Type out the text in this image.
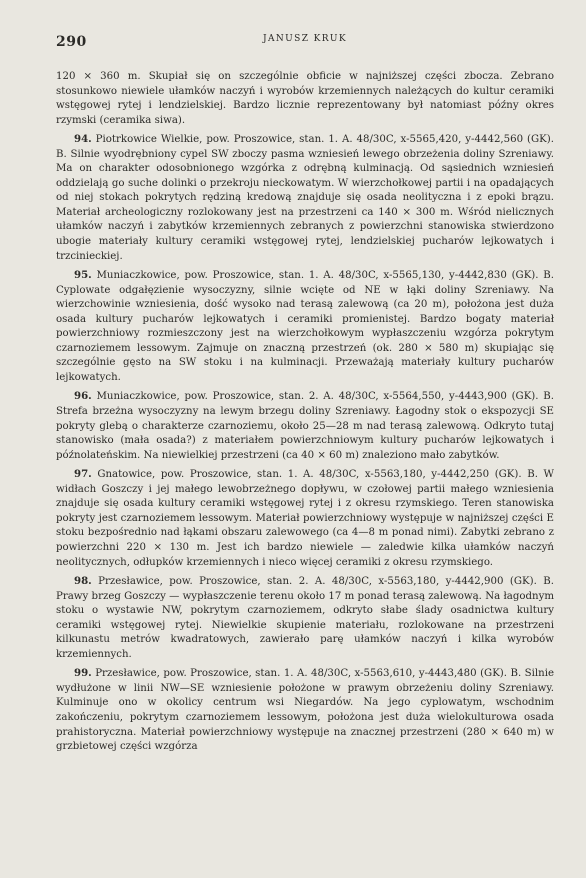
290	JANUSZ KRUK

120 × 360 m. Skupiał się on szczególnie obficie w najniższej części zbocza. Zebrano stosunkowo niewiele ułamków naczyń i wyrobów krzemiennych należących do kultur ceramiki wstęgowej rytej i lendzielskiej. Bardzo licznie reprezentowany był natomiast późny okres rzymski (ceramika siwa).

94. Piotrkowice Wielkie, pow. Proszowice, stan. 1. A. 48/30C, x-5565,420, y-4442,560 (GK). B. Silnie wyodrębniony cypel SW zboczy pasma wzniesień lewego obrzeżenia doliny Szreniawy. Ma on charakter odosobnionego wzgórka z odrębną kulminacją. Od sąsiednich wzniesień oddzielają go suche dolinki o przekroju nieckowatym. W wierzchołkowej partii i na opadających od niej stokach pokrytych rędziną kredową znajduje się osada neolityczna i z epoki brązu. Materiał archeologiczny rozlokowany jest na przestrzeni ca 140 × 300 m. Wśród nielicznych ułamków naczyń i zabytków krzemiennych zebranych z powierzchni stanowiska stwierdzono ubogie materiały kultury ceramiki wstęgowej rytej, lendzielskiej pucharów lejkowatych i trzcinieckiej.

95. Muniaczkowice, pow. Proszowice, stan. 1. A. 48/30C, x-5565,130, y-4442,830 (GK). B. Cyplowate odgałęzienie wysoczyzny, silnie wcięte od NE w łąki doliny Szreniawy. Na wierzchowinie wzniesienia, dość wysoko nad terasą zalewową (ca 20 m), położona jest duża osada kultury pucharów lejkowatych i ceramiki promienistej. Bardzo bogaty materiał powierzchniowy rozmieszczony jest na wierzchołkowym wypłaszczeniu wzgórza pokrytym czarnoziemem lessowym. Zajmuje on znaczną przestrzeń (ok. 280 × 580 m) skupiając się szczególnie gęsto na SW stoku i na kulminacji. Przeważają materiały kultury pucharów lejkowatych.

96. Muniaczkowice, pow. Proszowice, stan. 2. A. 48/30C, x-5564,550, y-4443,900 (GK). B. Strefa brzeżna wysoczyzny na lewym brzegu doliny Szreniawy. Łagodny stok o ekspozycji SE pokryty glebą o charakterze czarnoziemu, około 25—28 m nad terasą zalewową. Odkryto tutaj stanowisko (mała osada?) z materiałem powierzchniowym kultury pucharów lejkowatych i późnolateńskim. Na niewielkiej przestrzeni (ca 40 × 60 m) znaleziono mało zabytków.

97. Gnatowice, pow. Proszowice, stan. 1. A. 48/30C, x-5563,180, y-4442,250 (GK). B. W widłach Goszczy i jej małego lewobrzeżnego dopływu, w czołowej partii małego wzniesienia znajduje się osada kultury ceramiki wstęgowej rytej i z okresu rzymskiego. Teren stanowiska pokryty jest czarnoziemem lessowym. Materiał powierzchniowy występuje w najniższej części E stoku bezpośrednio nad łąkami obszaru zalewowego (ca 4—8 m ponad nimi). Zabytki zebrano z powierzchni 220 × 130 m. Jest ich bardzo niewiele — zaledwie kilka ułamków naczyń neolitycznych, odłupków krzemiennych i nieco więcej ceramiki z okresu rzymskiego.

98. Przesławice, pow. Proszowice, stan. 2. A. 48/30C, x-5563,180, y-4442,900 (GK). B. Prawy brzeg Goszczy — wypłaszczenie terenu około 17 m ponad terasą zalewową. Na łagodnym stoku o wystawie NW, pokrytym czarnoziemem, odkryto słabe ślady osadnictwa kultury ceramiki wstęgowej rytej. Niewielkie skupienie materiału, rozlokowane na przestrzeni kilkunastu metrów kwadratowych, zawierało parę ułamków naczyń i kilka wyrobów krzemiennych.

99. Przesławice, pow. Proszowice, stan. 1. A. 48/30C, x-5563,610, y-4443,480 (GK). B. Silnie wydłużone w linii NW—SE wzniesienie położone w prawym obrzeżeniu doliny Szreniawy. Kulminuje ono w okolicy centrum wsi Niegardów. Na jego cyplowatym, wschodnim zakończeniu, pokrytym czarnoziemem lessowym, położona jest duża wielokulturowa osada prahistoryczna. Materiał powierzchniowy występuje na znacznej przestrzeni (280 × 640 m) w grzbietowej części wzgórza
